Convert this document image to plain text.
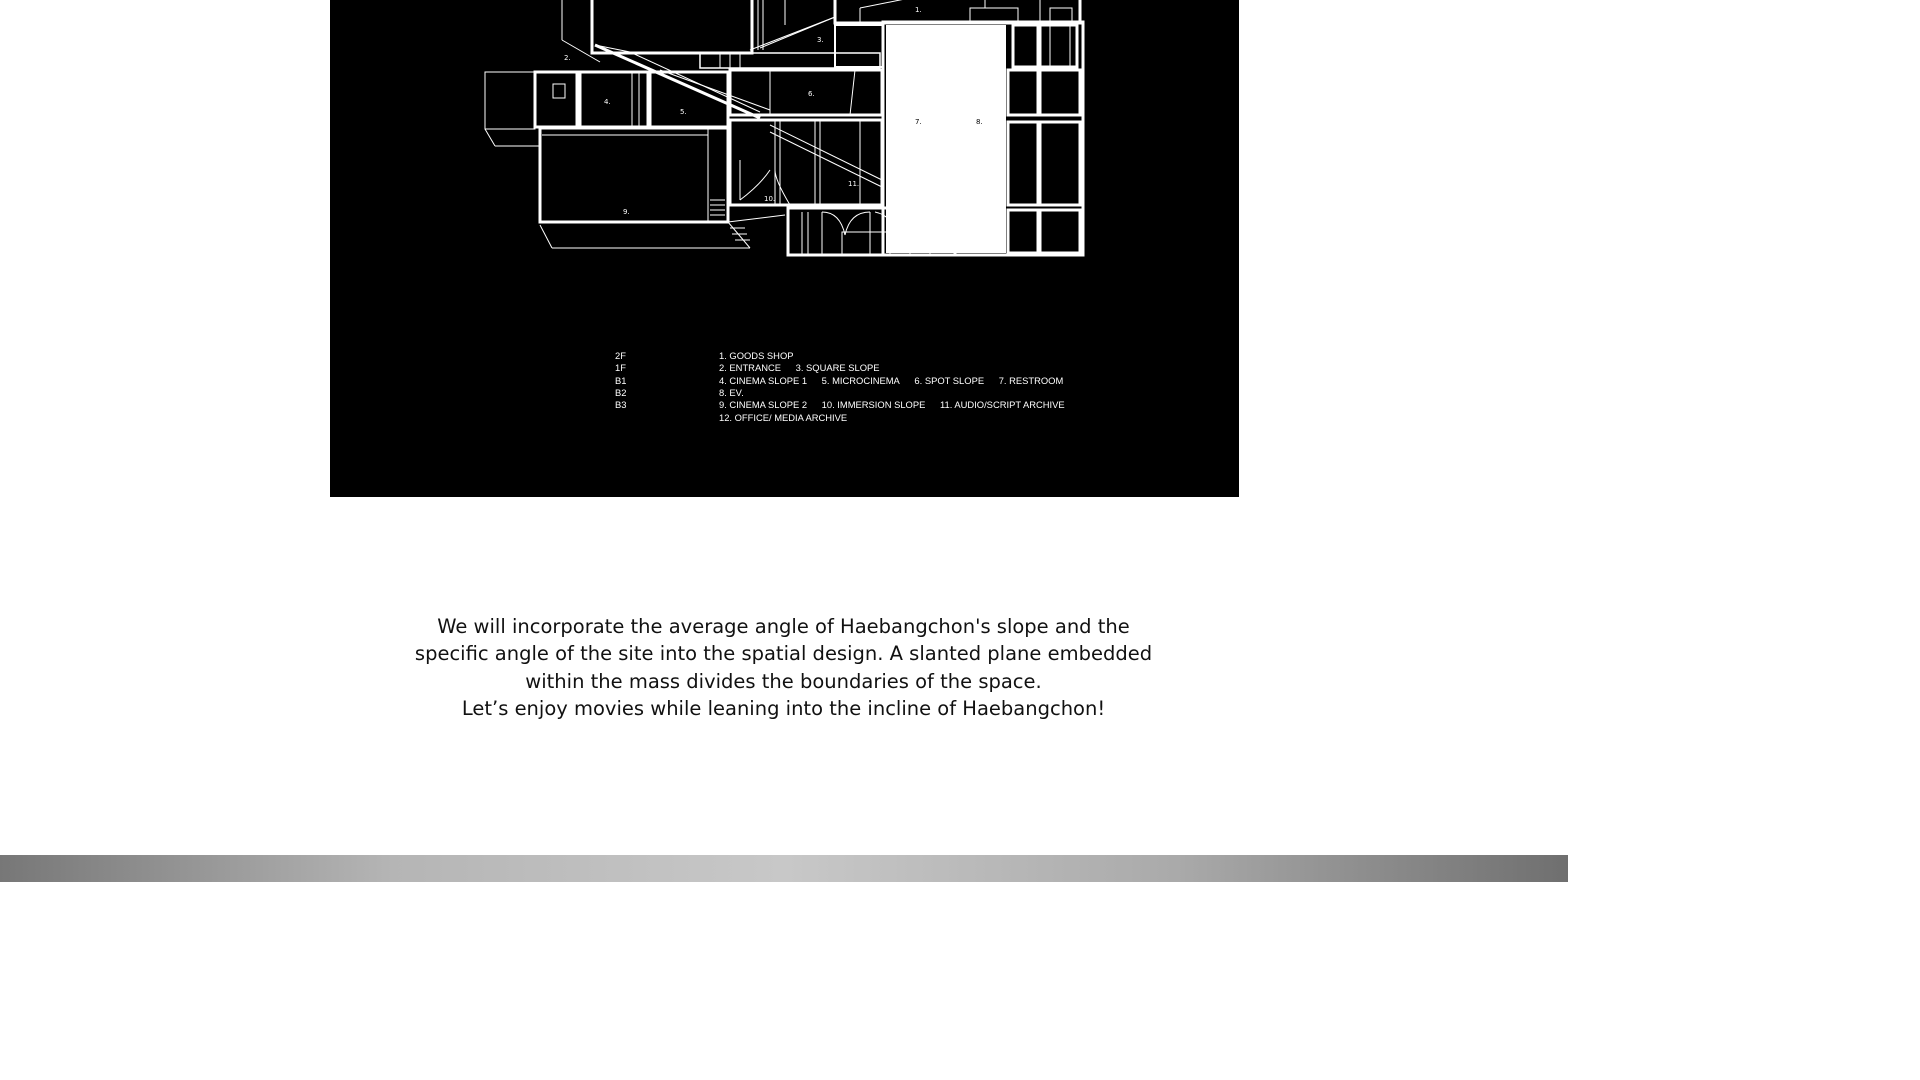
1.
2.
3.
4.
5.
6.
7.	8.
9.
10.
11.
12.
2F	1. GOODS SHOP
1F	2. ENTRANCE 3. SQUARE SLOPE
B1	4. CINEMA SLOPE 1 5. MICROCINEMA 6. SPOT SLOPE 7. RESTROOM
B2	8. EV.
B3	9. CINEMA SLOPE 2 10. IMMERSION SLOPE 11. AUDIO/SCRIPT ARCHIVE
12. OFFICE/ MEDIA ARCHIVE
We will incorporate the average angle of Haebangchon's slope and the
specific angle of the site into the spatial design. A slanted plane embedded
within the mass divides the boundaries of the space.
Let’s enjoy movies while leaning into the incline of Haebangchon!
